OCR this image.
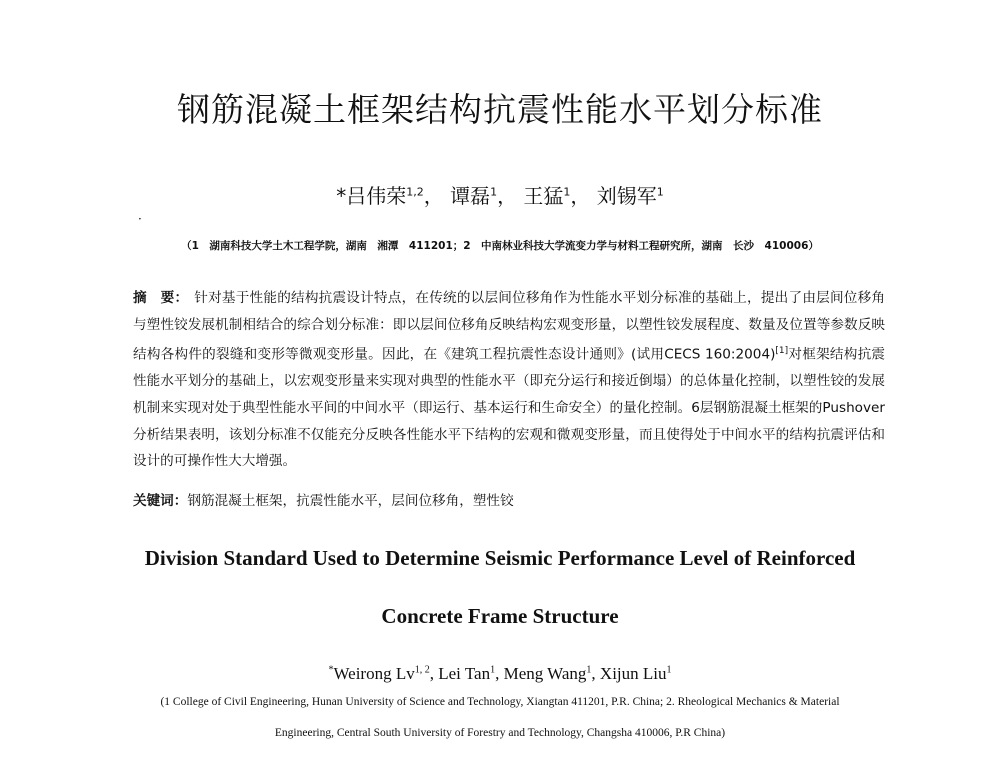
钢筋混凝土框架结构抗震性能水平划分标准
*吕伟荣$^{1,2}$， 谭磊$^1$， 王猛$^1$， 刘锡军$^1$
·
（1　湖南科技大学土木工程学院，湖南　湘潭　411201；2　中南林业科技大学流变力学与材料工程研究所，湖南　长沙　410006）
摘　要： 针对基于性能的结构抗震设计特点，在传统的以层间位移角作为性能水平划分标准的基础上，提出了由层间位移角与塑性铰发展机制相结合的综合划分标准：即以层间位移角反映结构宏观变形量，以塑性铰发展程度、数量及位置等参数反映结构各构件的裂缝和变形等微观变形量。因此，在《建筑工程抗震性态设计通则》(试用CECS 160:2004)[1]对框架结构抗震性能水平划分的基础上，以宏观变形量来实现对典型的性能水平（即充分运行和接近倒塌）的总体量化控制，以塑性铰的发展机制来实现对处于典型性能水平间的中间水平（即运行、基本运行和生命安全）的量化控制。6层钢筋混凝土框架的Pushover分析结果表明，该划分标准不仅能充分反映各性能水平下结构的宏观和微观变形量，而且使得处于中间水平的结构抗震评估和设计的可操作性大大增强。
关键词：钢筋混凝土框架，抗震性能水平，层间位移角，塑性铰
Division Standard Used to Determine Seismic Performance Level of Reinforced
Concrete Frame Structure
*Weirong Lv$^{1, 2}$, Lei Tan$^1$, Meng Wang$^1$, Xijun Liu$^1$
(1 College of Civil Engineering, Hunan University of Science and Technology, Xiangtan 411201, P.R. China; 2. Rheological Mechanics & Material
Engineering, Central South University of Forestry and Technology, Changsha 410006, P.R China)
